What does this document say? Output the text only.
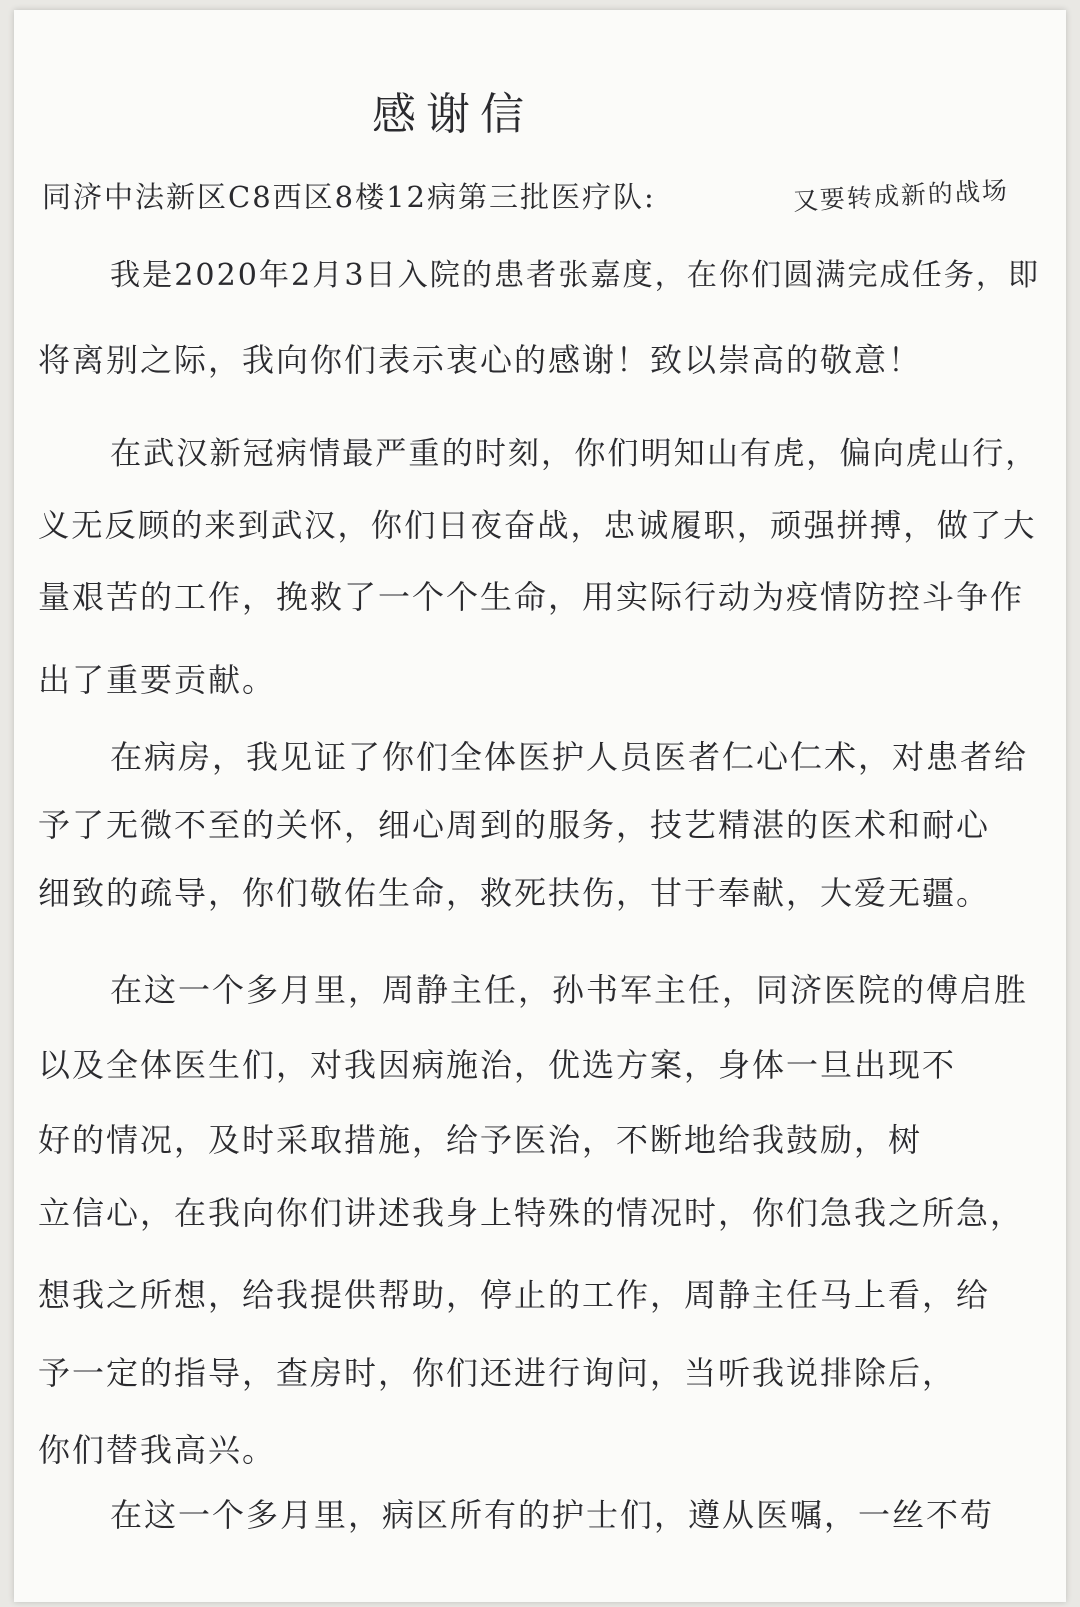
感谢信
同济中法新区C8西区8楼12病第三批医疗队:	又要转成新的战场
我是2020年2月3日入院的患者张嘉度，在你们圆满完成任务，即
将离别之际，我向你们表示衷心的感谢！致以崇高的敬意！
在武汉新冠病情最严重的时刻，你们明知山有虎，偏向虎山行，
义无反顾的来到武汉，你们日夜奋战，忠诚履职，顽强拼搏，做了大
量艰苦的工作，挽救了一个个生命，用实际行动为疫情防控斗争作
出了重要贡献。
在病房，我见证了你们全体医护人员医者仁心仁术，对患者给
予了无微不至的关怀，细心周到的服务，技艺精湛的医术和耐心
细致的疏导，你们敬佑生命，救死扶伤，甘于奉献，大爱无疆。
在这一个多月里，周静主任，孙书军主任，同济医院的傅启胜
以及全体医生们，对我因病施治，优选方案，身体一旦出现不
好的情况，及时采取措施，给予医治，不断地给我鼓励，树
立信心，在我向你们讲述我身上特殊的情况时，你们急我之所急，
想我之所想，给我提供帮助，停止的工作，周静主任马上看，给
予一定的指导，查房时，你们还进行询问，当听我说排除后，
你们替我高兴。
在这一个多月里，病区所有的护士们，遵从医嘱，一丝不苟
